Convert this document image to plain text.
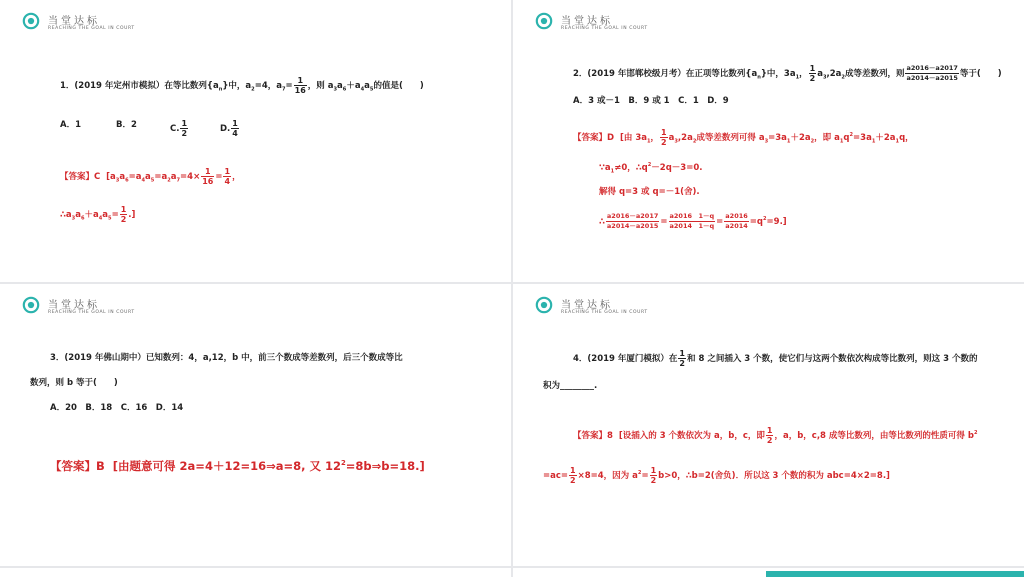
当堂达标
REACHING THE GOAL IN COURT
1．(2019 年定州市模拟）在等比数列$\{a_n\}$中，$a_2=4$，$a_7= \frac{1}{16}$ ，则 $a_3a_6+a_4a_5$的值是(　　)
A．1	B．2	C. $\frac{1}{2}$	D. $\frac{1}{4}$
【答案】C [$a_3a_6=a_4a_5=a_2a_7=4\times \frac{1}{16} = \frac{1}{4}$ ，
$\therefore a_3a_6+a_4a_5= \frac{1}{2}$ .]
当堂达标
REACHING THE GOAL IN COURT
2．(2019 年邯郸校级月考）在正项等比数列$\{a_n\}$中，$3a_1$， $\frac{1}{2} a_3,2a_2$成等差数列，则 $\frac{a2016-a2017}{a2014-a2015}$ 等于(　　)
A．3 或－1　B．9 或 1　C．1　D．9
【答案】D [由 $3a_1$， $\frac{1}{2} a_3,2a_2$成等差数列可得 $a_3=3a_1+2a_2$，即 $a_1q^2=3a_1+2a_1q$，
$\because a_1\ne 0$，$\therefore q^2-2q-3=0$.
解得 q=3 或 q=－1(舍).
∴ $\frac{a2016-a2017}{a2014-a2015} = \frac{a2016 1-q}{a2014 1-q} = \frac{a2016}{a2014} =q^2=9$.]
当堂达标
REACHING THE GOAL IN COURT
3．(2019 年佛山期中）已知数列：4，a,12，b 中，前三个数成等差数列，后三个数成等比
数列，则 b 等于(　　)
A．20　B．18　C．16　D．14
【答案】B [由题意可得 2a=4＋12=16⇒a=8, 又 $12^2=8b\Rightarrow b=18$.]
当堂达标
REACHING THE GOAL IN COURT
4．(2019 年厦门模拟）在 $\frac{1}{2}$ 和 8 之间插入 3 个数，使它们与这两个数依次构成等比数列，则这 3 个数的
积为________.
【答案】8 [设插入的 3 个数依次为 a，b，c，即 $\frac{1}{2}$ ，a，b，c,8 成等比数列，由等比数列的性质可得 $b^2$
$=ac= \frac{1}{2} \times 8=4$，因为 $a^2= \frac{1}{2} b>0$，∴b=2(舍负)．所以这 3 个数的积为 abc=4×2=8.]
